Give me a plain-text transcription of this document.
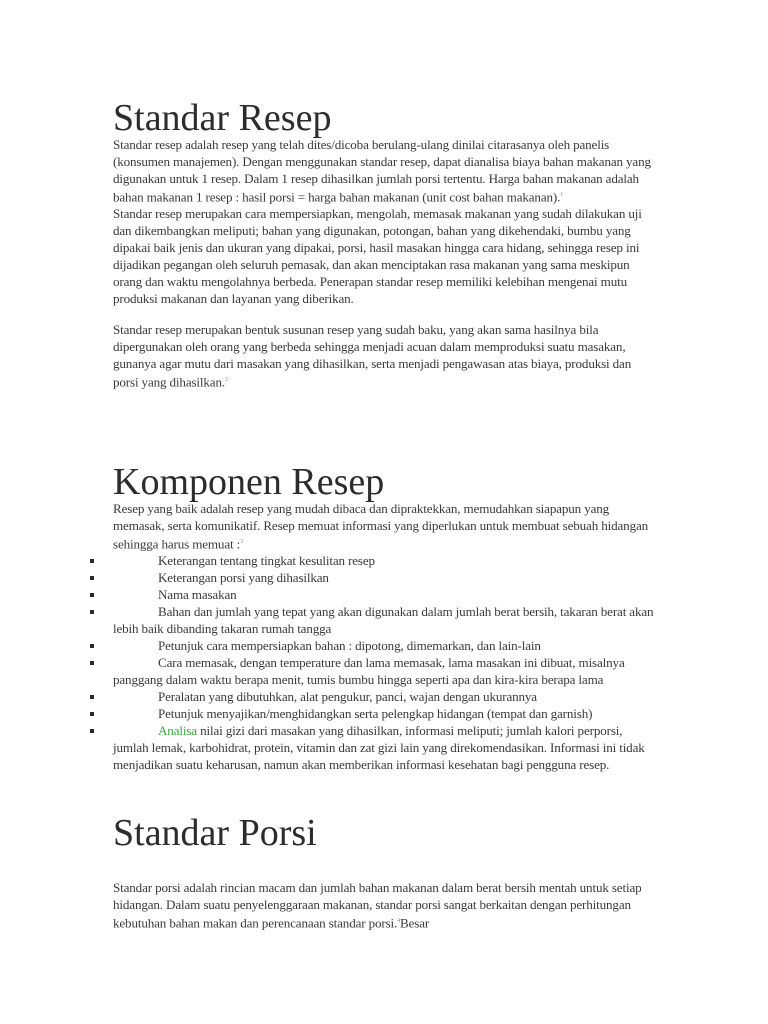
Standar Resep

Standar resep adalah resep yang telah dites/dicoba berulang-ulang dinilai citarasanya oleh panelis (konsumen manajemen). Dengan menggunakan standar resep, dapat dianalisa biaya bahan makanan yang digunakan untuk 1 resep. Dalam 1 resep dihasilkan jumlah porsi tertentu. Harga bahan makanan adalah bahan makanan 1 resep : hasil porsi = harga bahan makanan (unit cost bahan makanan).$^1$

Standar resep merupakan cara mempersiapkan, mengolah, memasak makanan yang sudah dilakukan uji dan dikembangkan meliputi; bahan yang digunakan, potongan, bahan yang dikehendaki, bumbu yang dipakai baik jenis dan ukuran yang dipakai, porsi, hasil masakan hingga cara hidang, sehingga resep ini dijadikan pegangan oleh seluruh pemasak, dan akan menciptakan rasa makanan yang sama meskipun orang dan waktu mengolahnya berbeda. Penerapan standar resep memiliki kelebihan mengenai mutu produksi makanan dan layanan yang diberikan.

Standar resep merupakan bentuk susunan resep yang sudah baku, yang akan sama hasilnya bila dipergunakan oleh orang yang berbeda sehingga menjadi acuan dalam memproduksi suatu masakan, gunanya agar mutu dari masakan yang dihasilkan, serta menjadi pengawasan atas biaya, produksi dan porsi yang dihasilkan.$^2$

Komponen Resep

Resep yang baik adalah resep yang mudah dibaca dan dipraktekkan, memudahkan siapapun yang memasak, serta komunikatif. Resep memuat informasi yang diperlukan untuk membuat sebuah hidangan sehingga harus memuat :$^3$

Keterangan tentang tingkat kesulitan resep
Keterangan porsi yang dihasilkan
Nama masakan
Bahan dan jumlah yang tepat yang akan digunakan dalam jumlah berat bersih, takaran berat akan lebih baik dibanding takaran rumah tangga
Petunjuk cara mempersiapkan bahan : dipotong, dimemarkan, dan lain-lain
Cara memasak, dengan temperature dan lama memasak, lama masakan ini dibuat, misalnya panggang dalam waktu berapa menit, tumis bumbu hingga seperti apa dan kira-kira berapa lama
Peralatan yang dibutuhkan, alat pengukur, panci, wajan dengan ukurannya
Petunjuk menyajikan/menghidangkan serta pelengkap hidangan (tempat dan garnish)
Analisa nilai gizi dari masakan yang dihasilkan, informasi meliputi; jumlah kalori perporsi, jumlah lemak, karbohidrat, protein, vitamin dan zat gizi lain yang direkomendasikan. Informasi ini tidak menjadikan suatu keharusan, namun akan memberikan informasi kesehatan bagi pengguna resep.
Standar Porsi

Standar porsi adalah rincian macam dan jumlah bahan makanan dalam berat bersih mentah untuk setiap hidangan. Dalam suatu penyelenggaraan makanan, standar porsi sangat berkaitan dengan perhitungan kebutuhan bahan makan dan perencanaan standar porsi.$^4$Besar
